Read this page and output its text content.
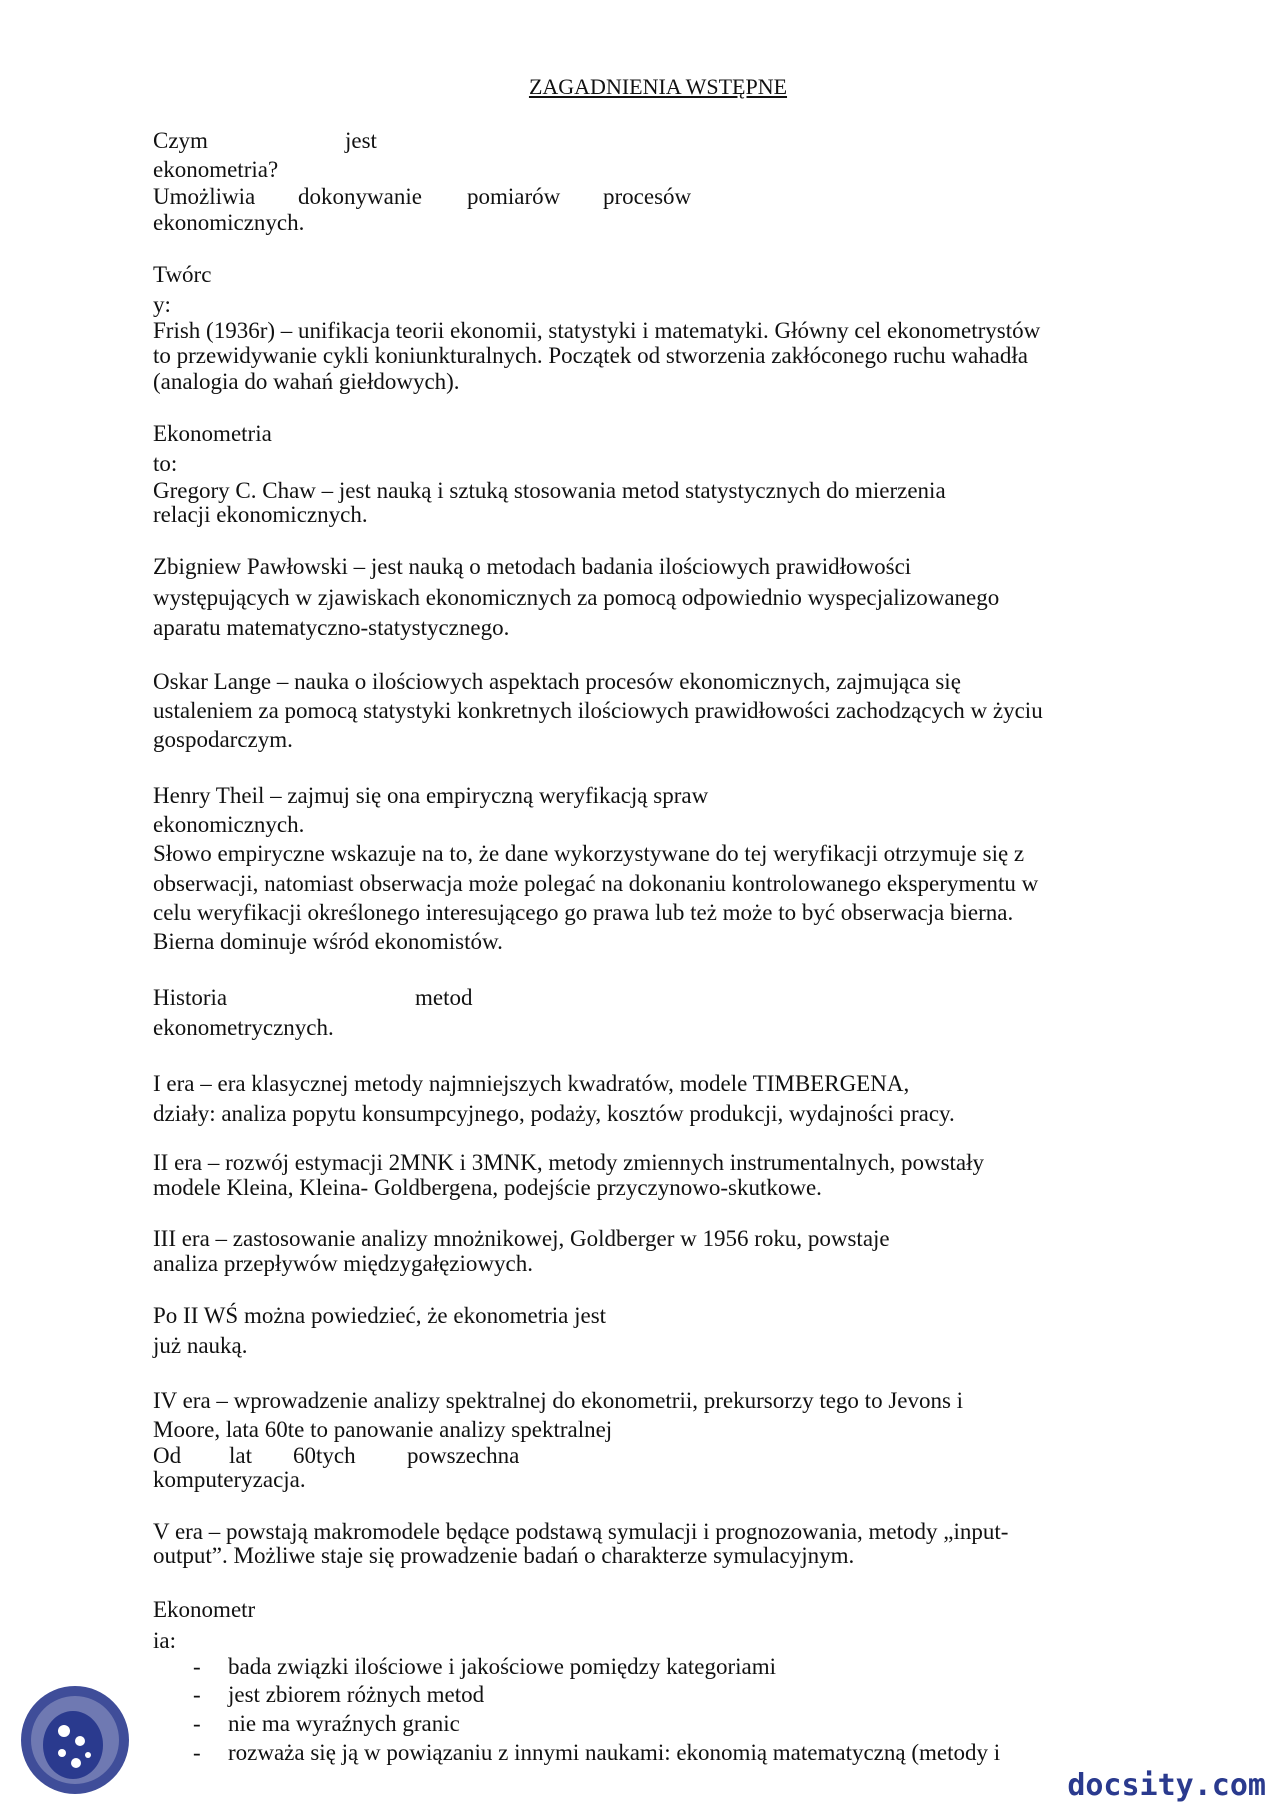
ZAGADNIENIA WSTĘPNE
Czym	jest
ekonometria?
Umożliwia dokonywanie pomiarów procesów
ekonomicznych.
Twórc
y:
Frish (1936r) – unifikacja teorii ekonomii, statystyki i matematyki. Główny cel ekonometrystów
to przewidywanie cykli koniunkturalnych. Początek od stworzenia zakłóconego ruchu wahadła
(analogia do wahań giełdowych).
Ekonometria
to:
Gregory C. Chaw – jest nauką i sztuką stosowania metod statystycznych do mierzenia
relacji ekonomicznych.
Zbigniew Pawłowski – jest nauką o metodach badania ilościowych prawidłowości
występujących w zjawiskach ekonomicznych za pomocą odpowiednio wyspecjalizowanego
aparatu matematyczno-statystycznego.
Oskar Lange – nauka o ilościowych aspektach procesów ekonomicznych, zajmująca się
ustaleniem za pomocą statystyki konkretnych ilościowych prawidłowości zachodzących w życiu
gospodarczym.
Henry Theil – zajmuj się ona empiryczną weryfikacją spraw
ekonomicznych.
Słowo empiryczne wskazuje na to, że dane wykorzystywane do tej weryfikacji otrzymuje się z
obserwacji, natomiast obserwacja może polegać na dokonaniu kontrolowanego eksperymentu w
celu weryfikacji określonego interesującego go prawa lub też może to być obserwacja bierna.
Bierna dominuje wśród ekonomistów.
Historia	metod
ekonometrycznych.
I era – era klasycznej metody najmniejszych kwadratów, modele TIMBERGENA,
działy: analiza popytu konsumpcyjnego, podaży, kosztów produkcji, wydajności pracy.
II era – rozwój estymacji 2MNK i 3MNK, metody zmiennych instrumentalnych, powstały
modele Kleina, Kleina- Goldbergena, podejście przyczynowo-skutkowe.
III era – zastosowanie analizy mnożnikowej, Goldberger w 1956 roku, powstaje
analiza przepływów międzygałęziowych.
Po II WŚ można powiedzieć, że ekonometria jest
już nauką.
IV era – wprowadzenie analizy spektralnej do ekonometrii, prekursorzy tego to Jevons i
Moore, lata 60te to panowanie analizy spektralnej
Od lat 60tych powszechna
komputeryzacja.
V era – powstają makromodele będące podstawą symulacji i prognozowania, metody „input-
output”. Możliwe staje się prowadzenie badań o charakterze symulacyjnym.
Ekonometr
ia:
- bada związki ilościowe i jakościowe pomiędzy kategoriami
- jest zbiorem różnych metod
- nie ma wyraźnych granic
- rozważa się ją w powiązaniu z innymi naukami: ekonomią matematyczną (metody i
docsity.com
